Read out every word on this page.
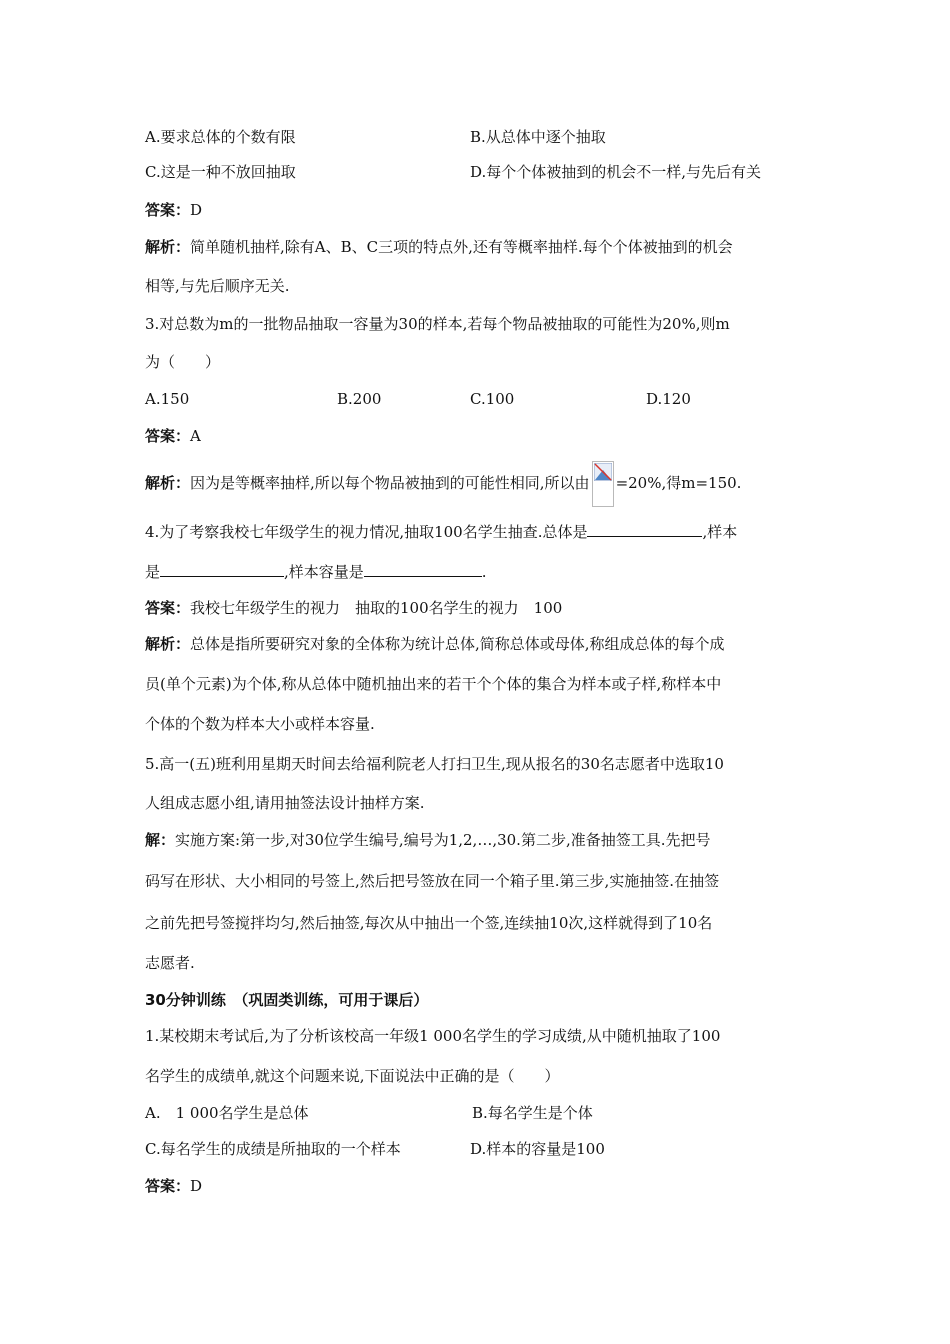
A.要求总体的个数有限	B.从总体中逐个抽取
C.这是一种不放回抽取	D.每个个体被抽到的机会不一样,与先后有关
答案：D
解析：简单随机抽样,除有A、B、C三项的特点外,还有等概率抽样.每个个体被抽到的机会
相等,与先后顺序无关.
3.对总数为m的一批物品抽取一容量为30的样本,若每个物品被抽取的可能性为20%,则m
为（　　）
A.150	B.200	C.100	D.120
答案：A
解析：因为是等概率抽样,所以每个物品被抽到的可能性相同,所以由 =20%,得m=150.
4.为了考察我校七年级学生的视力情况,抽取100名学生抽查.总体是	,样本
是	,样本容量是	.
答案：我校七年级学生的视力　抽取的100名学生的视力　100
解析：总体是指所要研究对象的全体称为统计总体,简称总体或母体,称组成总体的每个成
员(单个元素)为个体,称从总体中随机抽出来的若干个个体的集合为样本或子样,称样本中
个体的个数为样本大小或样本容量.
5.高一(五)班利用星期天时间去给福利院老人打扫卫生,现从报名的30名志愿者中选取10
人组成志愿小组,请用抽签法设计抽样方案.
解：实施方案:第一步,对30位学生编号,编号为1,2,…,30.第二步,准备抽签工具.先把号
码写在形状、大小相同的号签上,然后把号签放在同一个箱子里.第三步,实施抽签.在抽签
之前先把号签搅拌均匀,然后抽签,每次从中抽出一个签,连续抽10次,这样就得到了10名
志愿者.
30分钟训练　（巩固类训练，可用于课后）
1.某校期末考试后,为了分析该校高一年级1 000名学生的学习成绩,从中随机抽取了100
名学生的成绩单,就这个问题来说,下面说法中正确的是（　　）
A.　1 000名学生是总体	B.每名学生是个体
C.每名学生的成绩是所抽取的一个样本	D.样本的容量是100
答案：D
